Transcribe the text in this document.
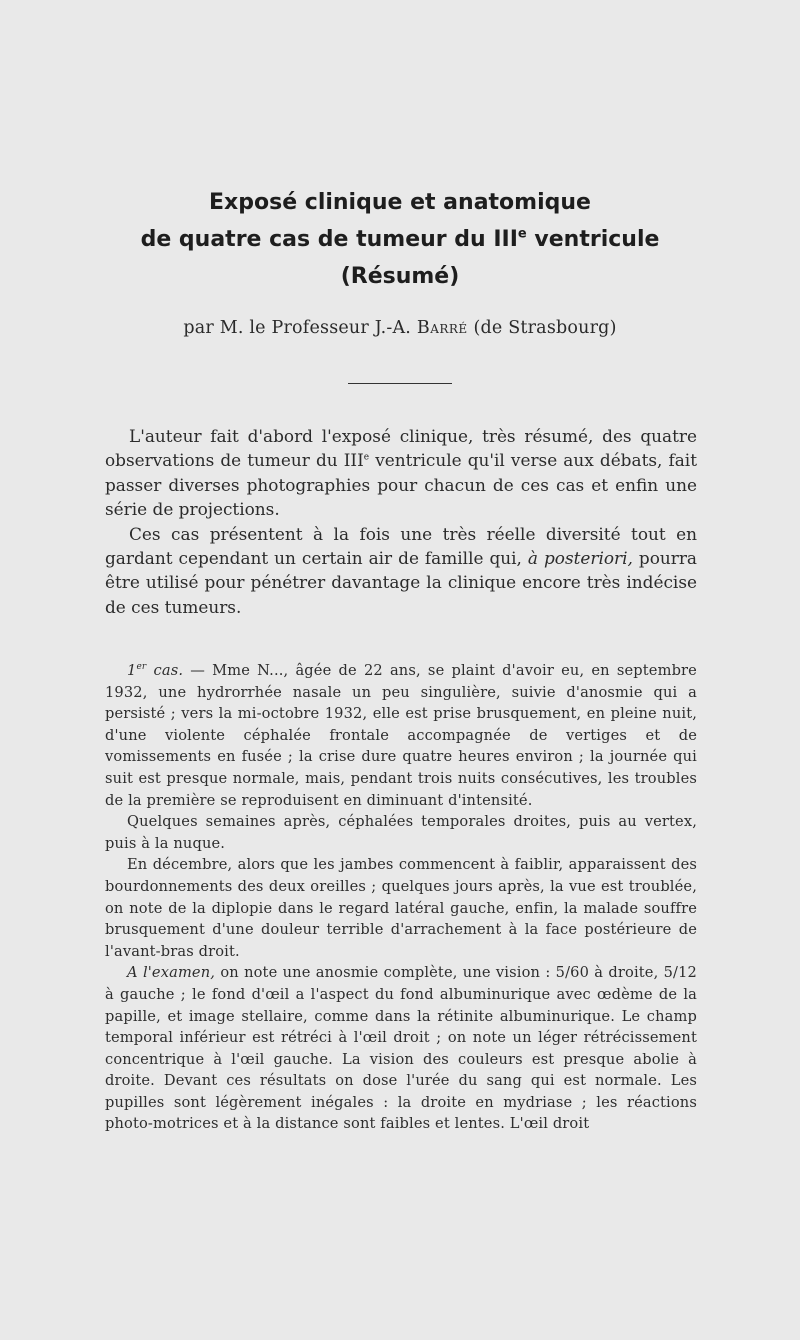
Exposé clinique et anatomique

de quatre cas de tumeur du IIIe ventricule

(Résumé)

par M. le Professeur J.-A. Barré (de Strasbourg)

L'auteur fait d'abord l'exposé clinique, très résumé, des quatre observations de tumeur du IIIe ventricule qu'il verse aux débats, fait passer diverses photographies pour chacun de ces cas et enfin une série de projections.

Ces cas présentent à la fois une très réelle diversité tout en gardant cependant un certain air de famille qui, à posteriori, pourra être utilisé pour pénétrer davantage la clinique encore très indécise de ces tumeurs.

1er cas. — Mme N..., âgée de 22 ans, se plaint d'avoir eu, en septembre 1932, une hydrorrhée nasale un peu singulière, suivie d'anosmie qui a persisté ; vers la mi-octobre 1932, elle est prise brusquement, en pleine nuit, d'une violente céphalée frontale accompagnée de vertiges et de vomissements en fusée ; la crise dure quatre heures environ ; la journée qui suit est presque normale, mais, pendant trois nuits consécutives, les troubles de la première se reproduisent en diminuant d'intensité.

Quelques semaines après, céphalées temporales droites, puis au vertex, puis à la nuque.

En décembre, alors que les jambes commencent à faiblir, apparaissent des bourdonnements des deux oreilles ; quelques jours après, la vue est troublée, on note de la diplopie dans le regard latéral gauche, enfin, la malade souffre brusquement d'une douleur terrible d'arrachement à la face postérieure de l'avant-bras droit.

A l'examen, on note une anosmie complète, une vision : 5/60 à droite, 5/12 à gauche ; le fond d'œil a l'aspect du fond albuminurique avec œdème de la papille, et image stellaire, comme dans la rétinite albuminurique. Le champ temporal inférieur est rétréci à l'œil droit ; on note un léger rétrécissement concentrique à l'œil gauche. La vision des couleurs est presque abolie à droite. Devant ces résultats on dose l'urée du sang qui est normale. Les pupilles sont légèrement inégales : la droite en mydriase ; les réactions photo-motrices et à la distance sont faibles et lentes. L'œil droit
